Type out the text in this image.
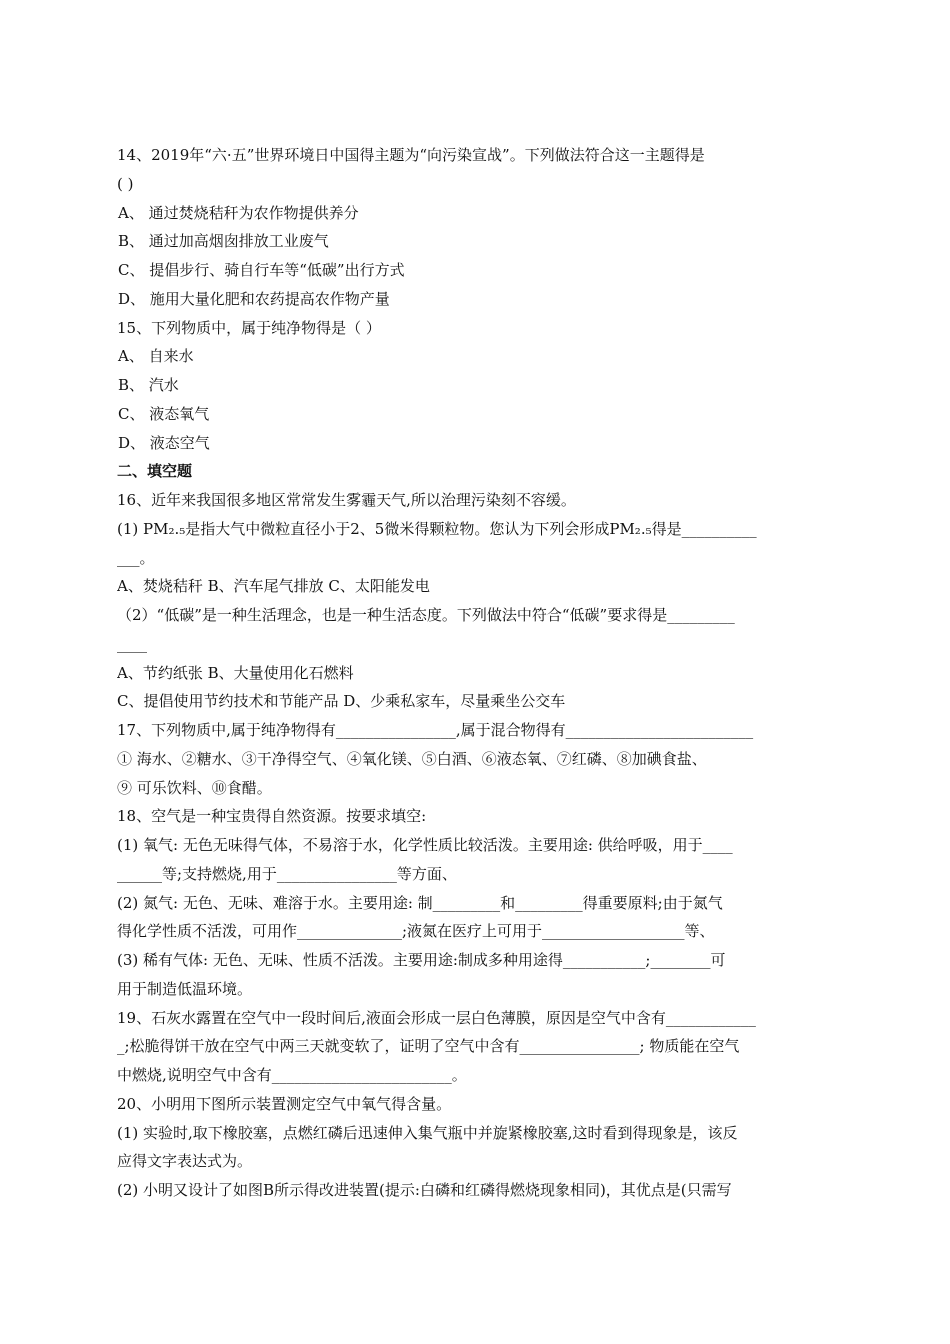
14、2019年“六·五”世界环境日中国得主题为“向污染宣战”。下列做法符合这一主题得是
( )
A、 通过焚烧秸秆为农作物提供养分
B、 通过加高烟囱排放工业废气
C、 提倡步行、骑自行车等“低碳”出行方式
D、 施用大量化肥和农药提高农作物产量
15、下列物质中，属于纯净物得是（ ）
A、 自来水
B、 汽水
C、 液态氧气
D、 液态空气
二、填空题
16、近年来我国很多地区常常发生雾霾天气,所以治理污染刻不容缓。
(1) PM₂.₅是指大气中微粒直径小于2、5微米得颗粒物。您认为下列会形成PM₂.₅得是__________
___。
A、焚烧秸秆 B、汽车尾气排放 C、太阳能发电
（2）“低碳”是一种生活理念，也是一种生活态度。下列做法中符合“低碳”要求得是_________
____
A、节约纸张 B、大量使用化石燃料
C、提倡使用节约技术和节能产品 D、少乘私家车，尽量乘坐公交车
17、下列物质中,属于纯净物得有________________,属于混合物得有_________________________
① 海水、②糖水、③干净得空气、④氧化镁、⑤白酒、⑥液态氧、⑦红磷、⑧加碘食盐、
⑨ 可乐饮料、⑩食醋。
18、空气是一种宝贵得自然资源。按要求填空:
(1) 氧气: 无色无味得气体，不易溶于水，化学性质比较活泼。主要用途: 供给呼吸，用于____
______等;支持燃烧,用于________________等方面、
(2) 氮气: 无色、无味、难溶于水。主要用途: 制_________和_________得重要原料;由于氮气
得化学性质不活泼，可用作______________;液氮在医疗上可用于___________________等、
(3) 稀有气体: 无色、无味、性质不活泼。主要用途:制成多种用途得___________;________可
用于制造低温环境。
19、石灰水露置在空气中一段时间后,液面会形成一层白色薄膜，原因是空气中含有____________
_;松脆得饼干放在空气中两三天就变软了，证明了空气中含有________________; 物质能在空气
中燃烧,说明空气中含有________________________。
20、小明用下图所示装置测定空气中氧气得含量。
(1) 实验时,取下橡胶塞，点燃红磷后迅速伸入集气瓶中并旋紧橡胶塞,这时看到得现象是，该反
应得文字表达式为。
(2) 小明又设计了如图B所示得改进装置(提示:白磷和红磷得燃烧现象相同)，其优点是(只需写
